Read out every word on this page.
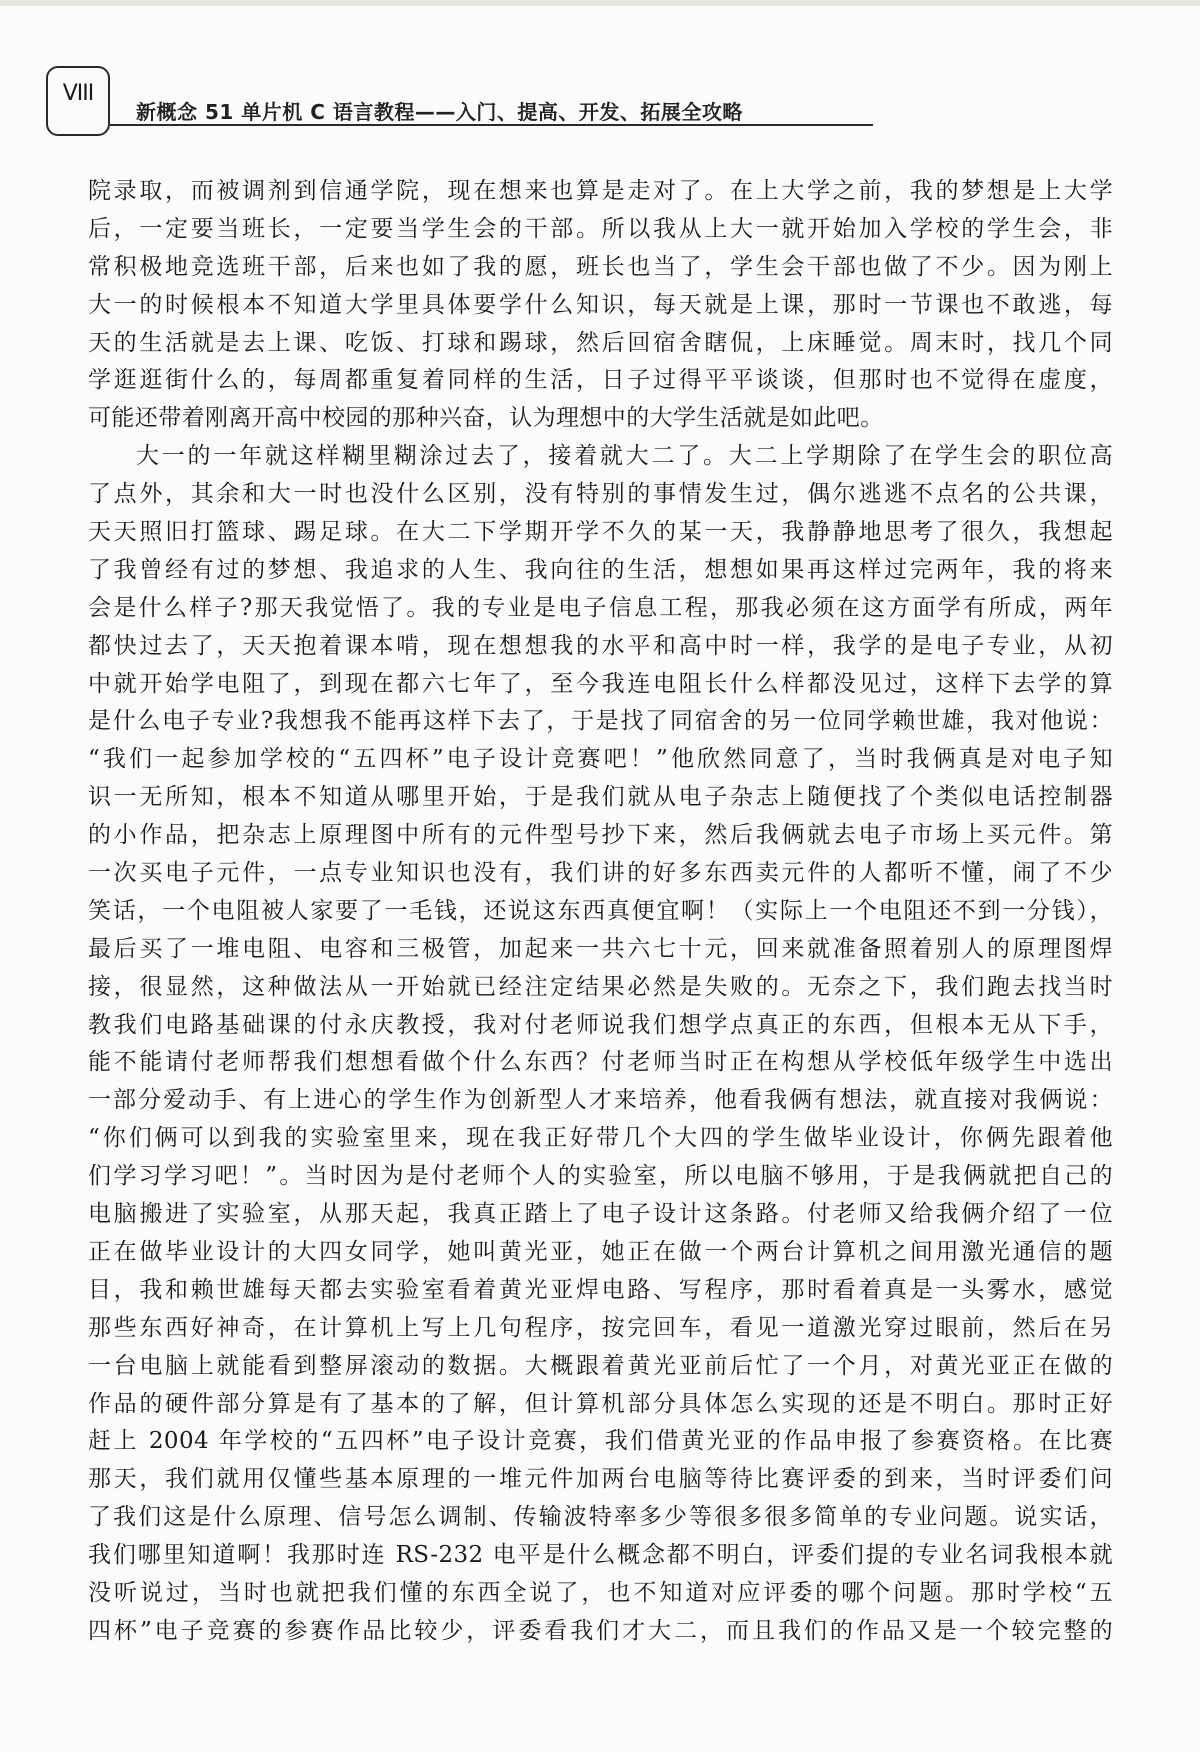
VIII
新概念 51 单片机 C 语言教程——入门、提高、开发、拓展全攻略
院录取，而被调剂到信通学院，现在想来也算是走对了。在上大学之前，我的梦想是上大学
后，一定要当班长，一定要当学生会的干部。所以我从上大一就开始加入学校的学生会，非
常积极地竞选班干部，后来也如了我的愿，班长也当了，学生会干部也做了不少。因为刚上
大一的时候根本不知道大学里具体要学什么知识，每天就是上课，那时一节课也不敢逃，每
天的生活就是去上课、吃饭、打球和踢球，然后回宿舍瞎侃，上床睡觉。周末时，找几个同
学逛逛街什么的，每周都重复着同样的生活，日子过得平平谈谈，但那时也不觉得在虚度，
可能还带着刚离开高中校园的那种兴奋，认为理想中的大学生活就是如此吧。
大一的一年就这样糊里糊涂过去了，接着就大二了。大二上学期除了在学生会的职位高
了点外，其余和大一时也没什么区别，没有特别的事情发生过，偶尔逃逃不点名的公共课，
天天照旧打篮球、踢足球。在大二下学期开学不久的某一天，我静静地思考了很久，我想起
了我曾经有过的梦想、我追求的人生、我向往的生活，想想如果再这样过完两年，我的将来
会是什么样子?那天我觉悟了。我的专业是电子信息工程，那我必须在这方面学有所成，两年
都快过去了，天天抱着课本啃，现在想想我的水平和高中时一样，我学的是电子专业，从初
中就开始学电阻了，到现在都六七年了，至今我连电阻长什么样都没见过，这样下去学的算
是什么电子专业?我想我不能再这样下去了，于是找了同宿舍的另一位同学赖世雄，我对他说：
“我们一起参加学校的“五四杯”电子设计竞赛吧！”他欣然同意了，当时我俩真是对电子知
识一无所知，根本不知道从哪里开始，于是我们就从电子杂志上随便找了个类似电话控制器
的小作品，把杂志上原理图中所有的元件型号抄下来，然后我俩就去电子市场上买元件。第
一次买电子元件，一点专业知识也没有，我们讲的好多东西卖元件的人都听不懂，闹了不少
笑话，一个电阻被人家要了一毛钱，还说这东西真便宜啊！（实际上一个电阻还不到一分钱），
最后买了一堆电阻、电容和三极管，加起来一共六七十元，回来就准备照着别人的原理图焊
接，很显然，这种做法从一开始就已经注定结果必然是失败的。无奈之下，我们跑去找当时
教我们电路基础课的付永庆教授，我对付老师说我们想学点真正的东西，但根本无从下手，
能不能请付老师帮我们想想看做个什么东西？付老师当时正在构想从学校低年级学生中选出
一部分爱动手、有上进心的学生作为创新型人才来培养，他看我俩有想法，就直接对我俩说：
“你们俩可以到我的实验室里来，现在我正好带几个大四的学生做毕业设计，你俩先跟着他
们学习学习吧！”。当时因为是付老师个人的实验室，所以电脑不够用，于是我俩就把自己的
电脑搬进了实验室，从那天起，我真正踏上了电子设计这条路。付老师又给我俩介绍了一位
正在做毕业设计的大四女同学，她叫黄光亚，她正在做一个两台计算机之间用激光通信的题
目，我和赖世雄每天都去实验室看着黄光亚焊电路、写程序，那时看着真是一头雾水，感觉
那些东西好神奇，在计算机上写上几句程序，按完回车，看见一道激光穿过眼前，然后在另
一台电脑上就能看到整屏滚动的数据。大概跟着黄光亚前后忙了一个月，对黄光亚正在做的
作品的硬件部分算是有了基本的了解，但计算机部分具体怎么实现的还是不明白。那时正好
赶上 2004 年学校的“五四杯”电子设计竞赛，我们借黄光亚的作品申报了参赛资格。在比赛
那天，我们就用仅懂些基本原理的一堆元件加两台电脑等待比赛评委的到来，当时评委们问
了我们这是什么原理、信号怎么调制、传输波特率多少等很多很多简单的专业问题。说实话，
我们哪里知道啊！我那时连 RS-232 电平是什么概念都不明白，评委们提的专业名词我根本就
没听说过，当时也就把我们懂的东西全说了，也不知道对应评委的哪个问题。那时学校“五
四杯”电子竞赛的参赛作品比较少，评委看我们才大二，而且我们的作品又是一个较完整的
